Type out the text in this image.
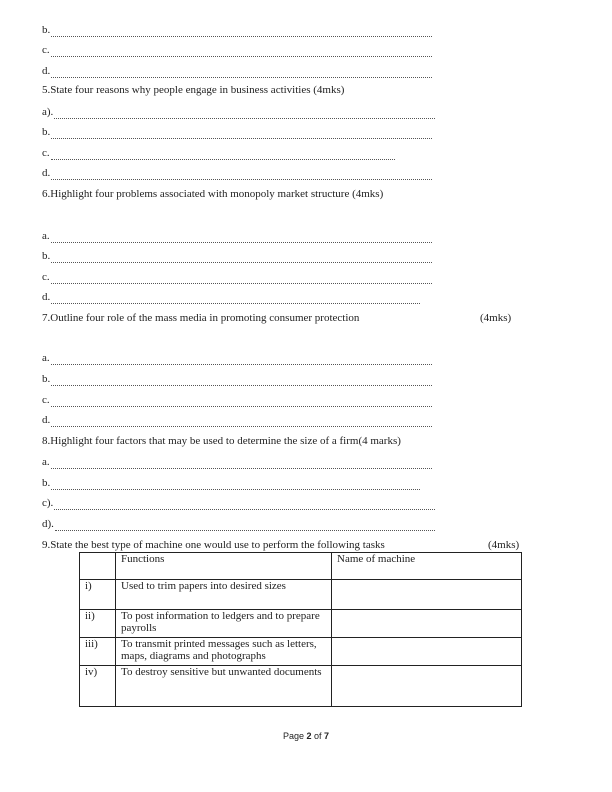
b.
c.
d.
a).
b.
c.
d.
a.
b.
c.
d.
a.
b.
c.
d.
a.
b.
c).
d).
5.State four reasons why people engage in business activities (4mks)
6.Highlight four problems associated with monopoly market structure (4mks)
7.Outline four role of the mass media in promoting consumer protection	(4mks)
8.Highlight four factors that may be used to determine the size of a firm(4 marks)
9.State the best type of machine one would use to perform the following tasks	(4mks)
	Functions	Name of machine
i)	Used to trim papers into desired sizes	
ii)	To post information to ledgers and to prepare payrolls	
iii)	To transmit printed messages such as letters, maps, diagrams and photographs	
iv)	To destroy sensitive but unwanted documents	
Page 2 of 7
